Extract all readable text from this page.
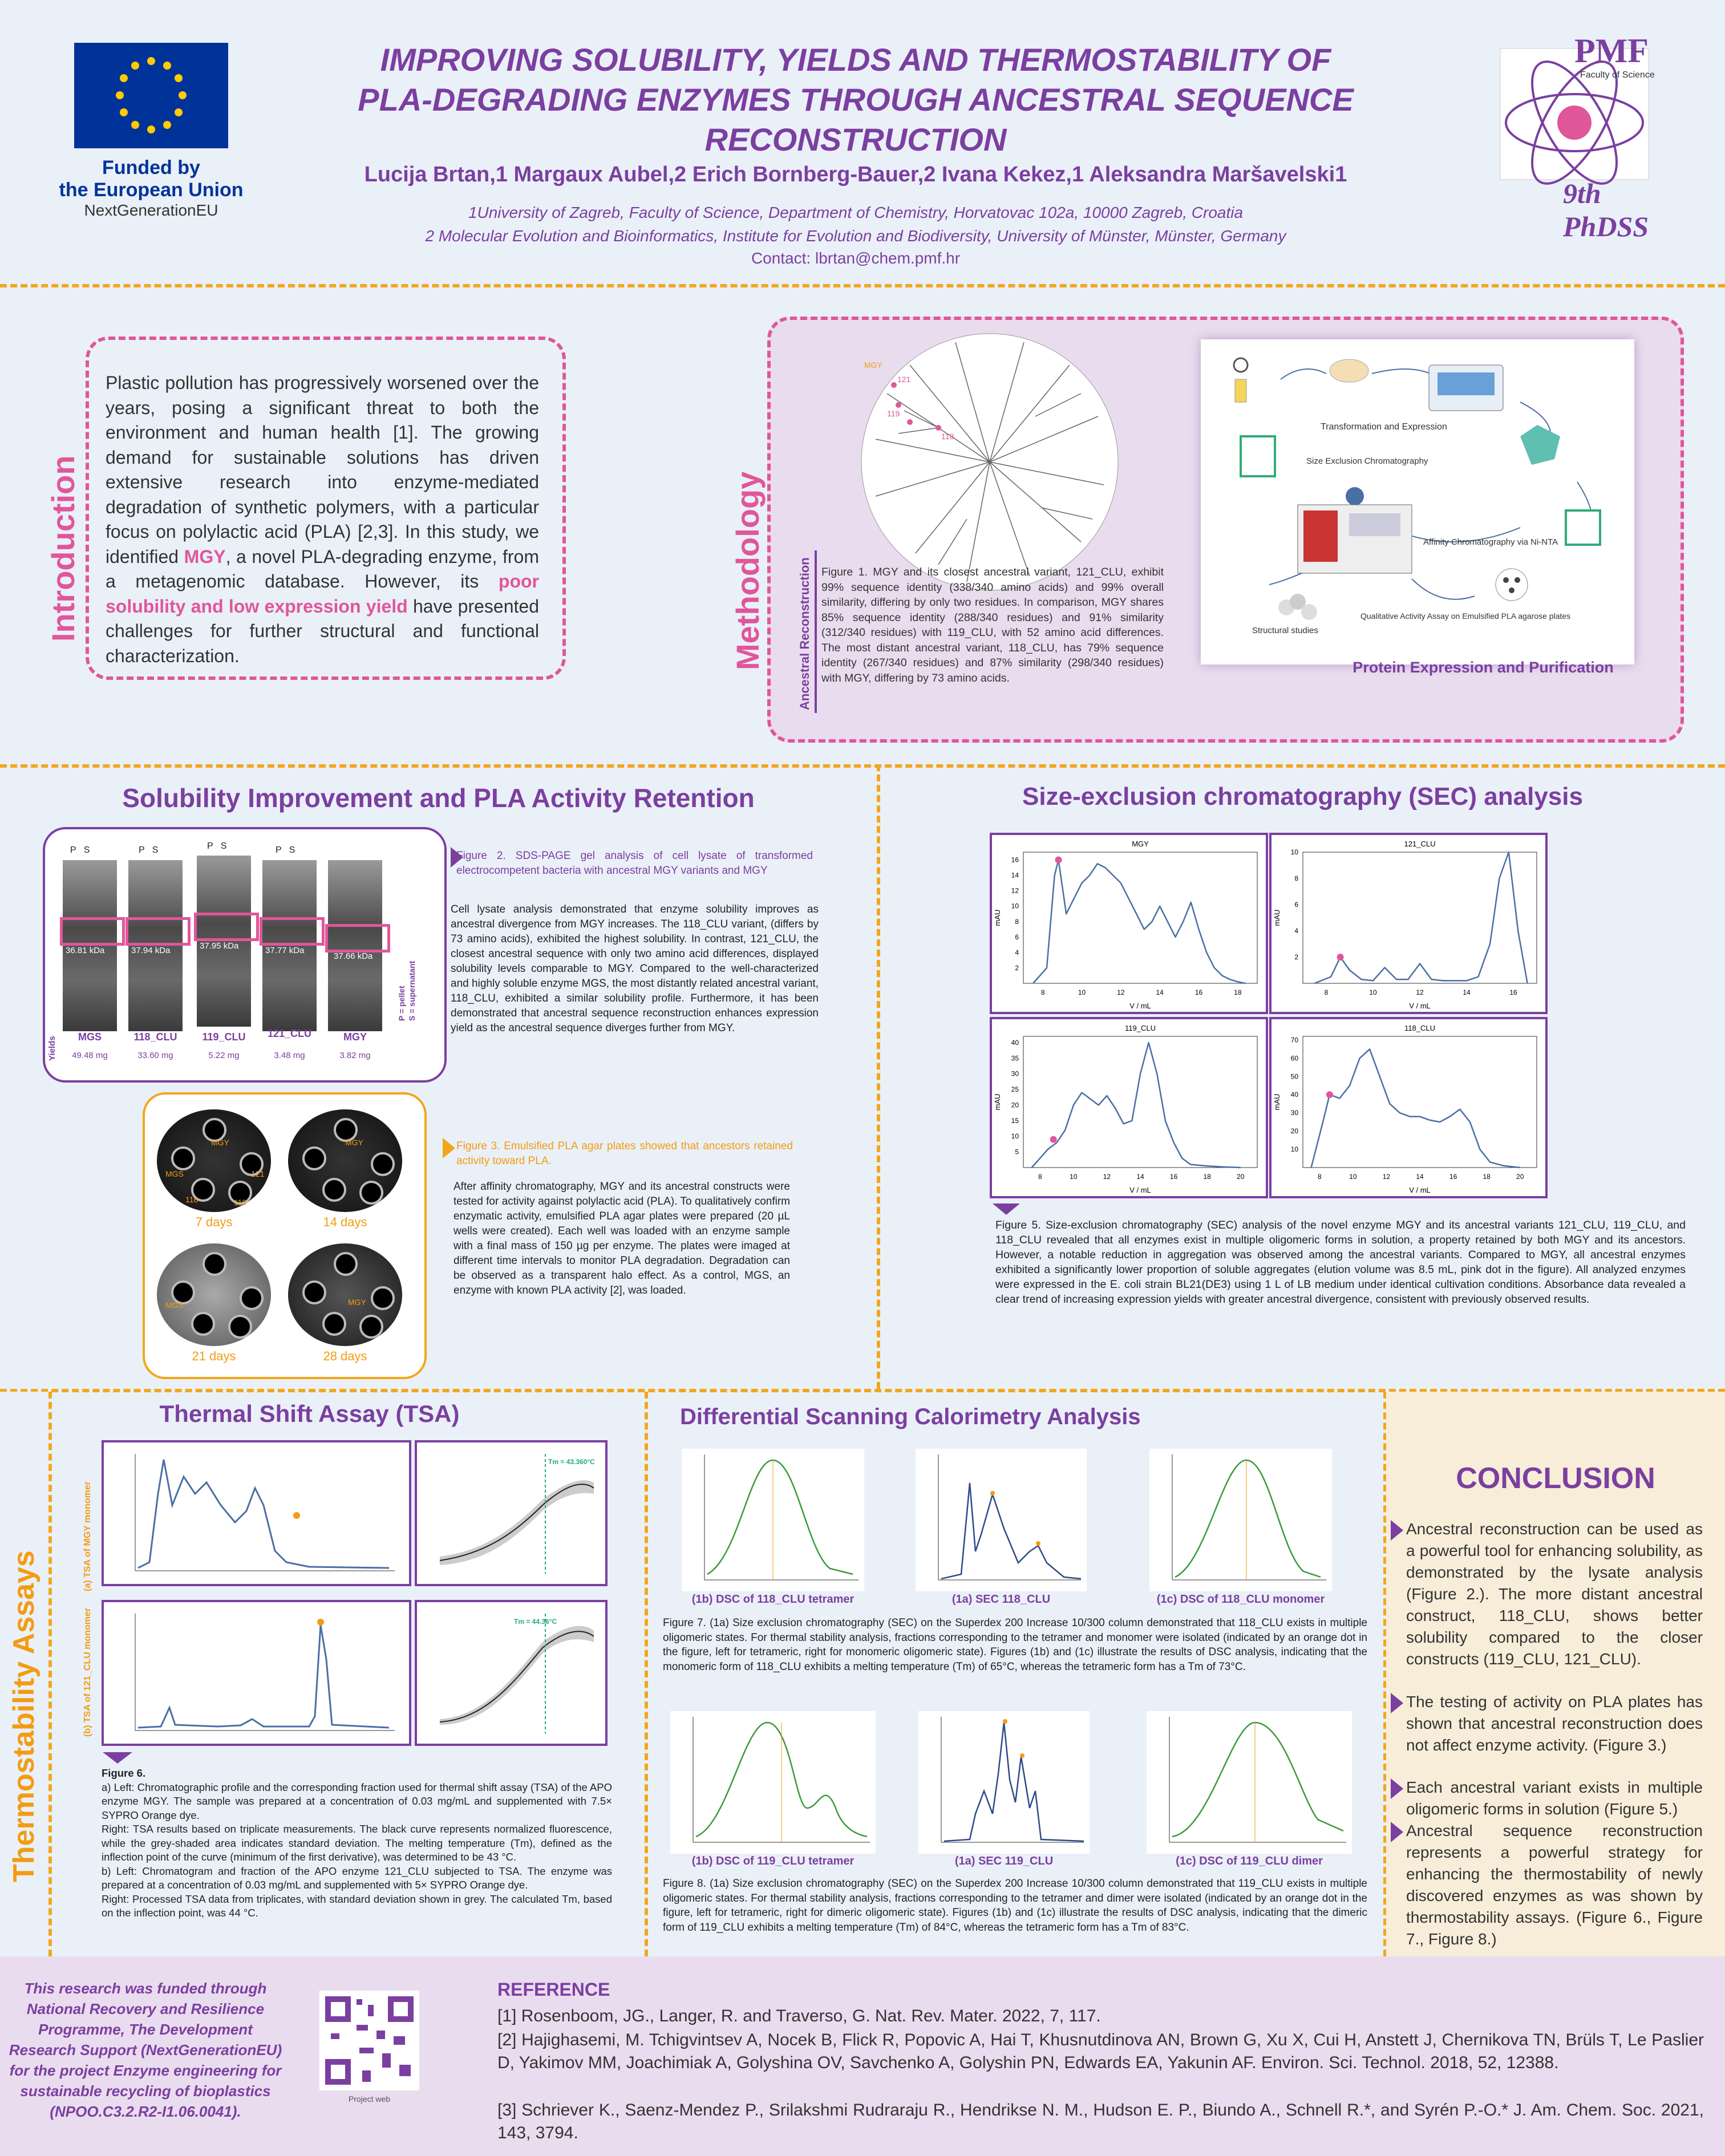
Funded by
the European Union
NextGenerationEU
IMPROVING SOLUBILITY, YIELDS AND THERMOSTABILITY OF PLA-DEGRADING ENZYMES THROUGH ANCESTRAL SEQUENCE RECONSTRUCTION
Lucija Brtan,1 Margaux Aubel,2 Erich Bornberg-Bauer,2 Ivana Kekez,1 Aleksandra Maršavelski1
1University of Zagreb, Faculty of Science, Department of Chemistry, Horvatovac 102a, 10000 Zagreb, Croatia
2 Molecular Evolution and Bioinformatics, Institute for Evolution and Biodiversity, University of Münster, Münster, Germany
Contact: lbrtan@chem.pmf.hr
PMF
Faculty of Science
9th PhDSS
Introduction
Plastic pollution has progressively worsened over the years, posing a significant threat to both the environment and human health [1]. The growing demand for sustainable solutions has driven extensive research into enzyme-mediated degradation of synthetic polymers, with a particular focus on polylactic acid (PLA) [2,3]. In this study, we identified MGY, a novel PLA-degrading enzyme, from a metagenomic database. However, its poor solubility and low expression yield have presented challenges for further structural and functional characterization.	Methodology
MGY
121
119
118
Ancestral Reconstruction Figure 1. MGY and its closest ancestral variant, 121_CLU, exhibit 99% sequence identity (338/340 amino acids) and 99% overall similarity, differing by only two residues. In comparison, MGY shares 85% sequence identity (288/340 residues) and 91% similarity (312/340 residues) with 119_CLU, with 52 amino acid differences. The most distant ancestral variant, 118_CLU, has 79% sequence identity (267/340 residues) and 87% similarity (298/340 residues) with MGY, differing by 73 amino acids.
Transformation and Expression
Size Exclusion Chromatography
Affinity Chromatography via Ni-NTA
Structural studies
Qualitative Activity Assay on Emulsified PLA agarose plates
Protein Expression and Purification
Solubility Improvement and PLA Activity Retention
P   S	P   S	P   S	P   S
36.81 kDa	37.94 kDa	37.95 kDa	37.77 kDa
37.66 kDa
MGS	118_CLU	119_CLU	121_CLU	MGY
49.48 mg	33.60 mg	5.22 mg	3.48 mg	3.82 mg
Yields
P = pellet
S = supernatant
Figure 2. SDS-PAGE gel analysis of cell lysate of transformed electrocompetent bacteria with ancestral MGY variants and MGY
Cell lysate analysis demonstrated that enzyme solubility improves as ancestral divergence from MGY increases. The 118_CLU variant, (differs by 73 amino acids), exhibited the highest solubility. In contrast, 121_CLU, the closest ancestral sequence with only two amino acid differences, displayed solubility levels comparable to MGY. Compared to the well-characterized and highly soluble enzyme MGS, the most distantly related ancestral variant, 118_CLU, exhibited a similar solubility profile. Furthermore, it has been demonstrated that ancestral sequence reconstruction enhances expression yield as the ancestral sequence diverges further from MGY.
MGY
MGS	121
118	119
MGY
MGY
MGS
7 days	14 days
21 days	28 days
Figure 3. Emulsified PLA agar plates showed that ancestors retained activity toward PLA.
After affinity chromatography, MGY and its ancestral constructs were tested for activity against polylactic acid (PLA). To qualitatively confirm enzymatic activity, emulsified PLA agar plates were prepared (20 µL wells were created). Each well was loaded with an enzyme sample with a final mass of 150 µg per enzyme. The plates were imaged at different time intervals to monitor PLA degradation. Degradation can be observed as a transparent halo effect. As a control, MGS, an enzyme with known PLA activity [2], was loaded.
Size-exclusion chromatography (SEC) analysis
MGY
V / mL
mAU
8	10	12	14	16	18
2
4
6
8
10
12
14
16
121_CLU
V / mL
mAU
8	10	12	14	16
2
4
6
8
10
119_CLU
V / mL
mAU
8	10	12	14	16	18	20
5
10
15
20
25
30
35
40
118_CLU
V / mL
mAU
8	10	12	14	16	18	20
10
20
30
40
50
60
70
Figure 5. Size-exclusion chromatography (SEC) analysis of the novel enzyme MGY and its ancestral variants 121_CLU, 119_CLU, and 118_CLU revealed that all enzymes exist in multiple oligomeric forms in solution, a property retained by both MGY and its ancestors. However, a notable reduction in aggregation was observed among the ancestral variants. Compared to MGY, all ancestral enzymes exhibited a significantly lower proportion of soluble aggregates (elution volume was 8.5 mL, pink dot in the figure). All analyzed enzymes were expressed in the E. coli strain BL21(DE3) using 1 L of LB medium under identical cultivation conditions. Absorbance data revealed a clear trend of increasing expression yields with greater ancestral divergence, consistent with previously observed results.
Thermostability Assays
Thermal Shift Assay (TSA)
(a) TSA of MGY monomer
(b) TSA of 121_CLU monomer
Tm = 43.360°C
Tm = 44.36°C
Figure 6.
a) Left: Chromatographic profile and the corresponding fraction used for thermal shift assay (TSA) of the APO enzyme MGY. The sample was prepared at a concentration of 0.03 mg/mL and supplemented with 7.5× SYPRO Orange dye.
Right: TSA results based on triplicate measurements. The black curve represents normalized fluorescence, while the grey-shaded area indicates standard deviation. The melting temperature (Tm), defined as the inflection point of the curve (minimum of the first derivative), was determined to be 43 °C.
b) Left: Chromatogram and fraction of the APO enzyme 121_CLU subjected to TSA. The enzyme was prepared at a concentration of 0.03 mg/mL and supplemented with 5× SYPRO Orange dye.
Right: Processed TSA data from triplicates, with standard deviation shown in grey. The calculated Tm, based on the inflection point, was 44 °C.
Differential Scanning Calorimetry Analysis
(1b) DSC of 118_CLU tetramer	(1a) SEC 118_CLU	(1c) DSC of 118_CLU monomer
Figure 7. (1a) Size exclusion chromatography (SEC) on the Superdex 200 Increase 10/300 column demonstrated that 118_CLU exists in multiple oligomeric states. For thermal stability analysis, fractions corresponding to the tetramer and monomer were isolated (indicated by an orange dot in the figure, left for tetrameric, right for monomeric oligomeric state). Figures (1b) and (1c) illustrate the results of DSC analysis, indicating that the monomeric form of 118_CLU exhibits a melting temperature (Tm) of 65°C, whereas the tetrameric form has a Tm of 73°C.
(1b) DSC of 119_CLU tetramer	(1a) SEC 119_CLU	(1c) DSC of 119_CLU dimer
Figure 8. (1a) Size exclusion chromatography (SEC) on the Superdex 200 Increase 10/300 column demonstrated that 119_CLU exists in multiple oligomeric states. For thermal stability analysis, fractions corresponding to the tetramer and dimer were isolated (indicated by an orange dot in the figure, left for tetrameric, right for dimeric oligomeric state). Figures (1b) and (1c) illustrate the results of DSC analysis, indicating that the dimeric form of 119_CLU exhibits a melting temperature (Tm) of 84°C, whereas the tetrameric form has a Tm of 83°C.
CONCLUSION
Ancestral reconstruction can be used as a powerful tool for enhancing solubility, as demonstrated by the lysate analysis (Figure 2.). The more distant ancestral construct, 118_CLU, shows better solubility compared to the closer constructs (119_CLU, 121_CLU).
The testing of activity on PLA plates has shown that ancestral reconstruction does not affect enzyme activity. (Figure 3.)
Each ancestral variant exists in multiple oligomeric forms in solution (Figure 5.)
Ancestral sequence reconstruction represents a powerful strategy for enhancing the thermostability of newly discovered enzymes as was shown by thermostability assays. (Figure 6., Figure 7., Figure 8.)
This research was funded through National Recovery and Resilience Programme, The Development Research Support (NextGenerationEU) for the project Enzyme engineering for sustainable recycling of bioplastics (NPOO.C3.2.R2-I1.06.0041).
Project web
REFERENCE
[1] Rosenboom, JG., Langer, R. and Traverso, G. Nat. Rev. Mater. 2022, 7, 117.
[2] Hajighasemi, M. Tchigvintsev A, Nocek B, Flick R, Popovic A, Hai T, Khusnutdinova AN, Brown G, Xu X, Cui H, Anstett J, Chernikova TN, Brüls T, Le Paslier D, Yakimov MM, Joachimiak A, Golyshina OV, Savchenko A, Golyshin PN, Edwards EA, Yakunin AF. Environ. Sci. Technol. 2018, 52, 12388.
[3] Schriever K., Saenz-Mendez P., Srilakshmi Rudraraju R., Hendrikse N. M., Hudson E. P., Biundo A., Schnell R.*, and Syrén P.-O.* J. Am. Chem. Soc. 2021, 143, 3794.
